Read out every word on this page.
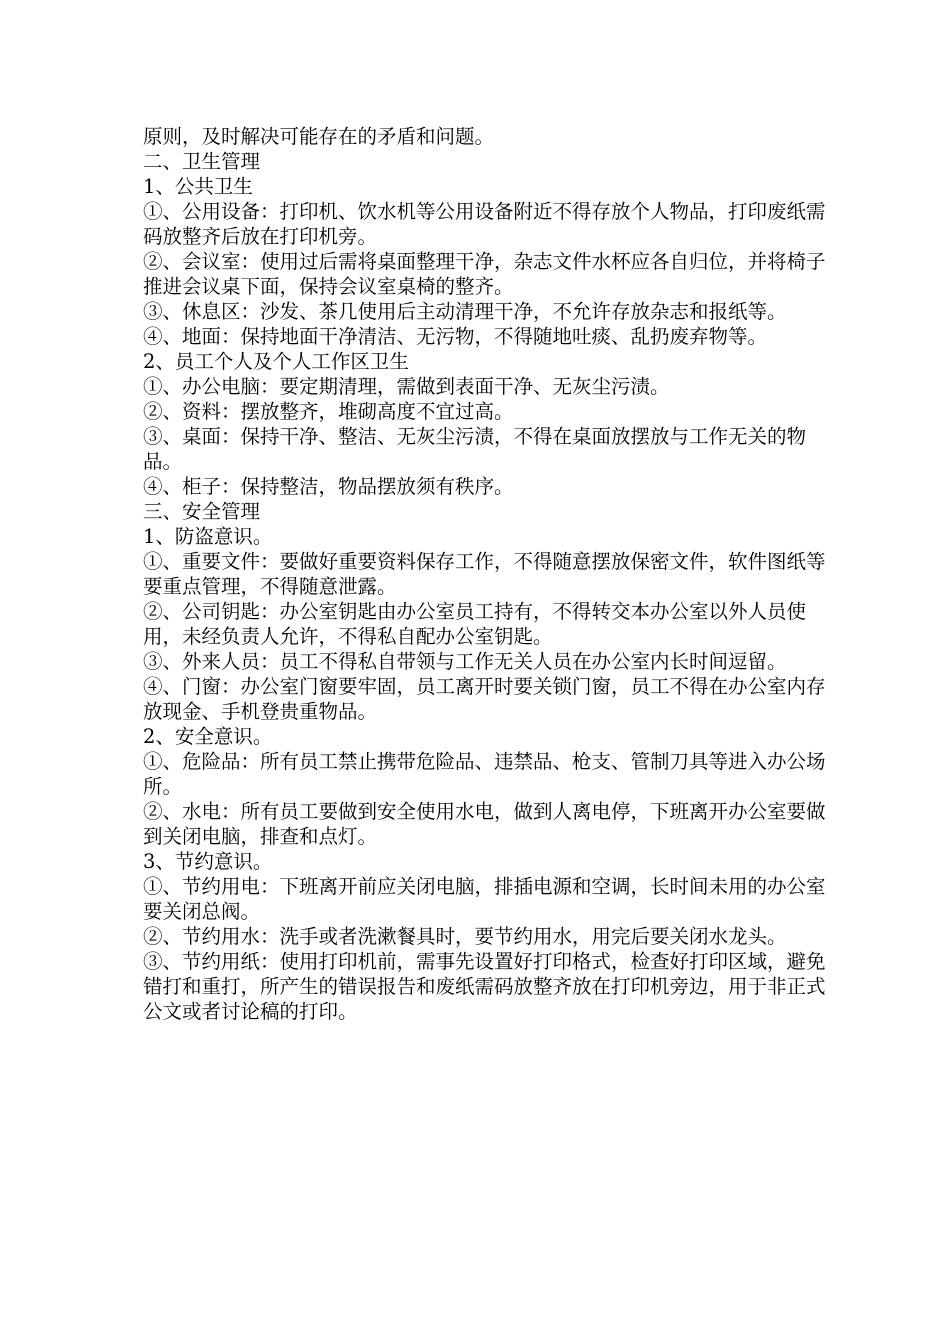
原则，及时解决可能存在的矛盾和问题。

二、卫生管理

1、公共卫生

①、公用设备：打印机、饮水机等公用设备附近不得存放个人物品，打印废纸需码放整齐后放在打印机旁。

②、会议室：使用过后需将桌面整理干净，杂志文件水杯应各自归位，并将椅子推进会议桌下面，保持会议室桌椅的整齐。

③、休息区：沙发、茶几使用后主动清理干净，不允许存放杂志和报纸等。

④、地面：保持地面干净清洁、无污物，不得随地吐痰、乱扔废弃物等。

2、员工个人及个人工作区卫生

①、办公电脑：要定期清理，需做到表面干净、无灰尘污渍。

②、资料：摆放整齐，堆砌高度不宜过高。

③、桌面：保持干净、整洁、无灰尘污渍，不得在桌面放摆放与工作无关的物品。

④、柜子：保持整洁，物品摆放须有秩序。

三、安全管理

1、防盗意识。

①、重要文件：要做好重要资料保存工作，不得随意摆放保密文件，软件图纸等要重点管理，不得随意泄露。

②、公司钥匙：办公室钥匙由办公室员工持有，不得转交本办公室以外人员使用，未经负责人允许，不得私自配办公室钥匙。

③、外来人员：员工不得私自带领与工作无关人员在办公室内长时间逗留。

④、门窗：办公室门窗要牢固，员工离开时要关锁门窗，员工不得在办公室内存放现金、手机登贵重物品。

2、安全意识。

①、危险品：所有员工禁止携带危险品、违禁品、枪支、管制刀具等进入办公场所。

②、水电：所有员工要做到安全使用水电，做到人离电停，下班离开办公室要做到关闭电脑，排查和点灯。

3、节约意识。

①、节约用电：下班离开前应关闭电脑，排插电源和空调，长时间未用的办公室要关闭总阀。

②、节约用水：洗手或者洗漱餐具时，要节约用水，用完后要关闭水龙头。

③、节约用纸：使用打印机前，需事先设置好打印格式，检查好打印区域，避免错打和重打，所产生的错误报告和废纸需码放整齐放在打印机旁边，用于非正式公文或者讨论稿的打印。
